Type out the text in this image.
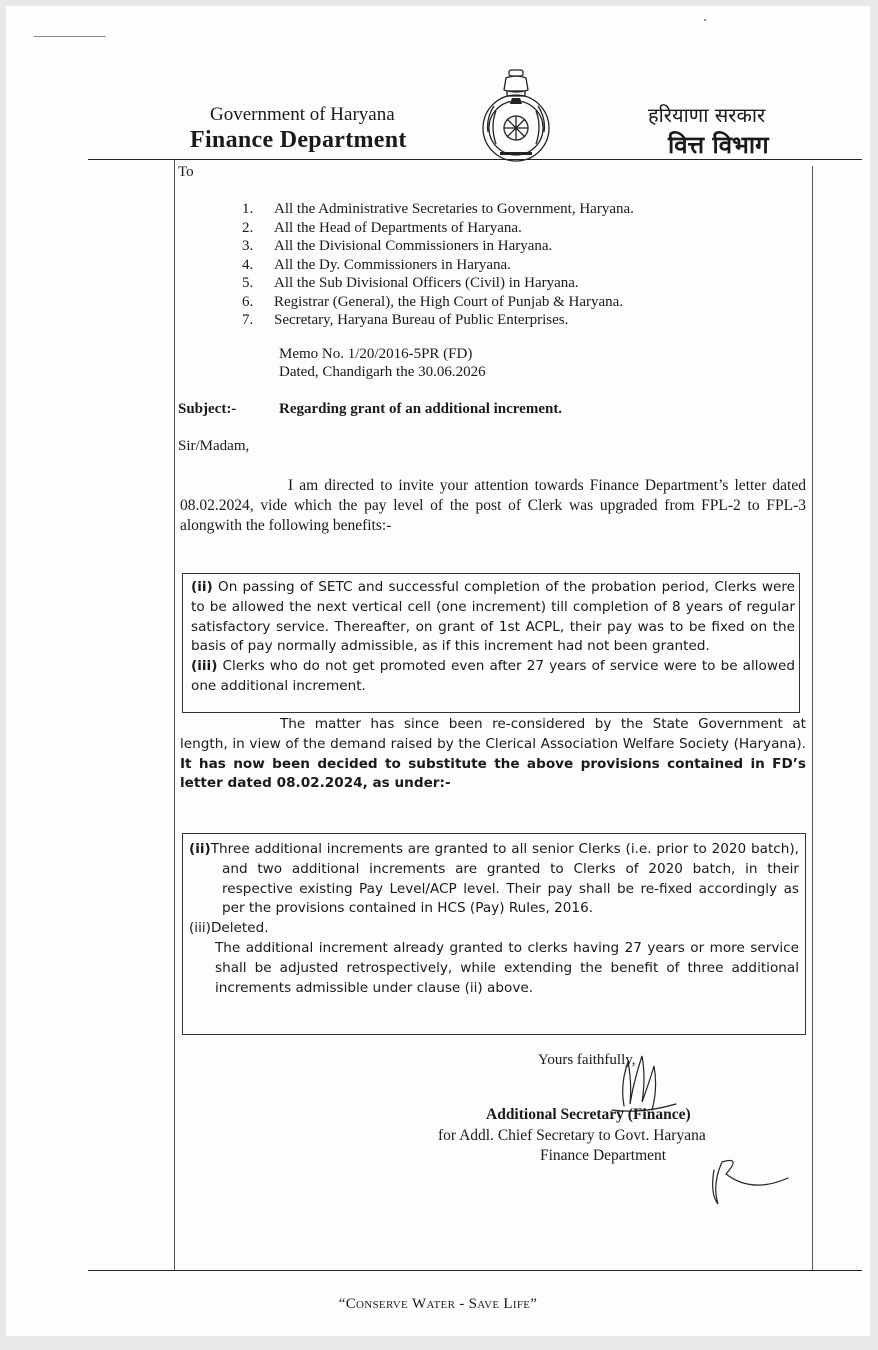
Government of Haryana
Finance Department
हरियाणा सरकार
वित्त विभाग
To
1. All the Administrative Secretaries to Government, Haryana.
2. All the Head of Departments of Haryana.
3. All the Divisional Commissioners in Haryana.
4. All the Dy. Commissioners in Haryana.
5. All the Sub Divisional Officers (Civil) in Haryana.
6. Registrar (General), the High Court of Punjab & Haryana.
7. Secretary, Haryana Bureau of Public Enterprises.
Memo No. 1/20/2016-5PR (FD)
Dated, Chandigarh the 30.06.2026
Subject:-	Regarding grant of an additional increment.
Sir/Madam,
I am directed to invite your attention towards Finance Department’s letter dated 08.02.2024, vide which the pay level of the post of Clerk was upgraded from FPL-2 to FPL-3 alongwith the following benefits:-
(ii) On passing of SETC and successful completion of the probation period, Clerks were to be allowed the next vertical cell (one increment) till completion of 8 years of regular satisfactory service. Thereafter, on grant of 1st ACPL, their pay was to be fixed on the basis of pay normally admissible, as if this increment had not been granted.
(iii) Clerks who do not get promoted even after 27 years of service were to be allowed one additional increment.
The matter has since been re-considered by the State Government at length, in view of the demand raised by the Clerical Association Welfare Society (Haryana). It has now been decided to substitute the above provisions contained in FD’s letter dated 08.02.2024, as under:-
(ii)Three additional increments are granted to all senior Clerks (i.e. prior to 2020 batch), and two additional increments are granted to Clerks of 2020 batch, in their respective existing Pay Level/ACP level. Their pay shall be re-fixed accordingly as per the provisions contained in HCS (Pay) Rules, 2016.
(iii)Deleted.
The additional increment already granted to clerks having 27 years or more service shall be adjusted retrospectively, while extending the benefit of three additional increments admissible under clause (ii) above.
Yours faithfully,
Additional Secretary (Finance)
for Addl. Chief Secretary to Govt. Haryana
Finance Department
“Conserve Water - Save Life”
